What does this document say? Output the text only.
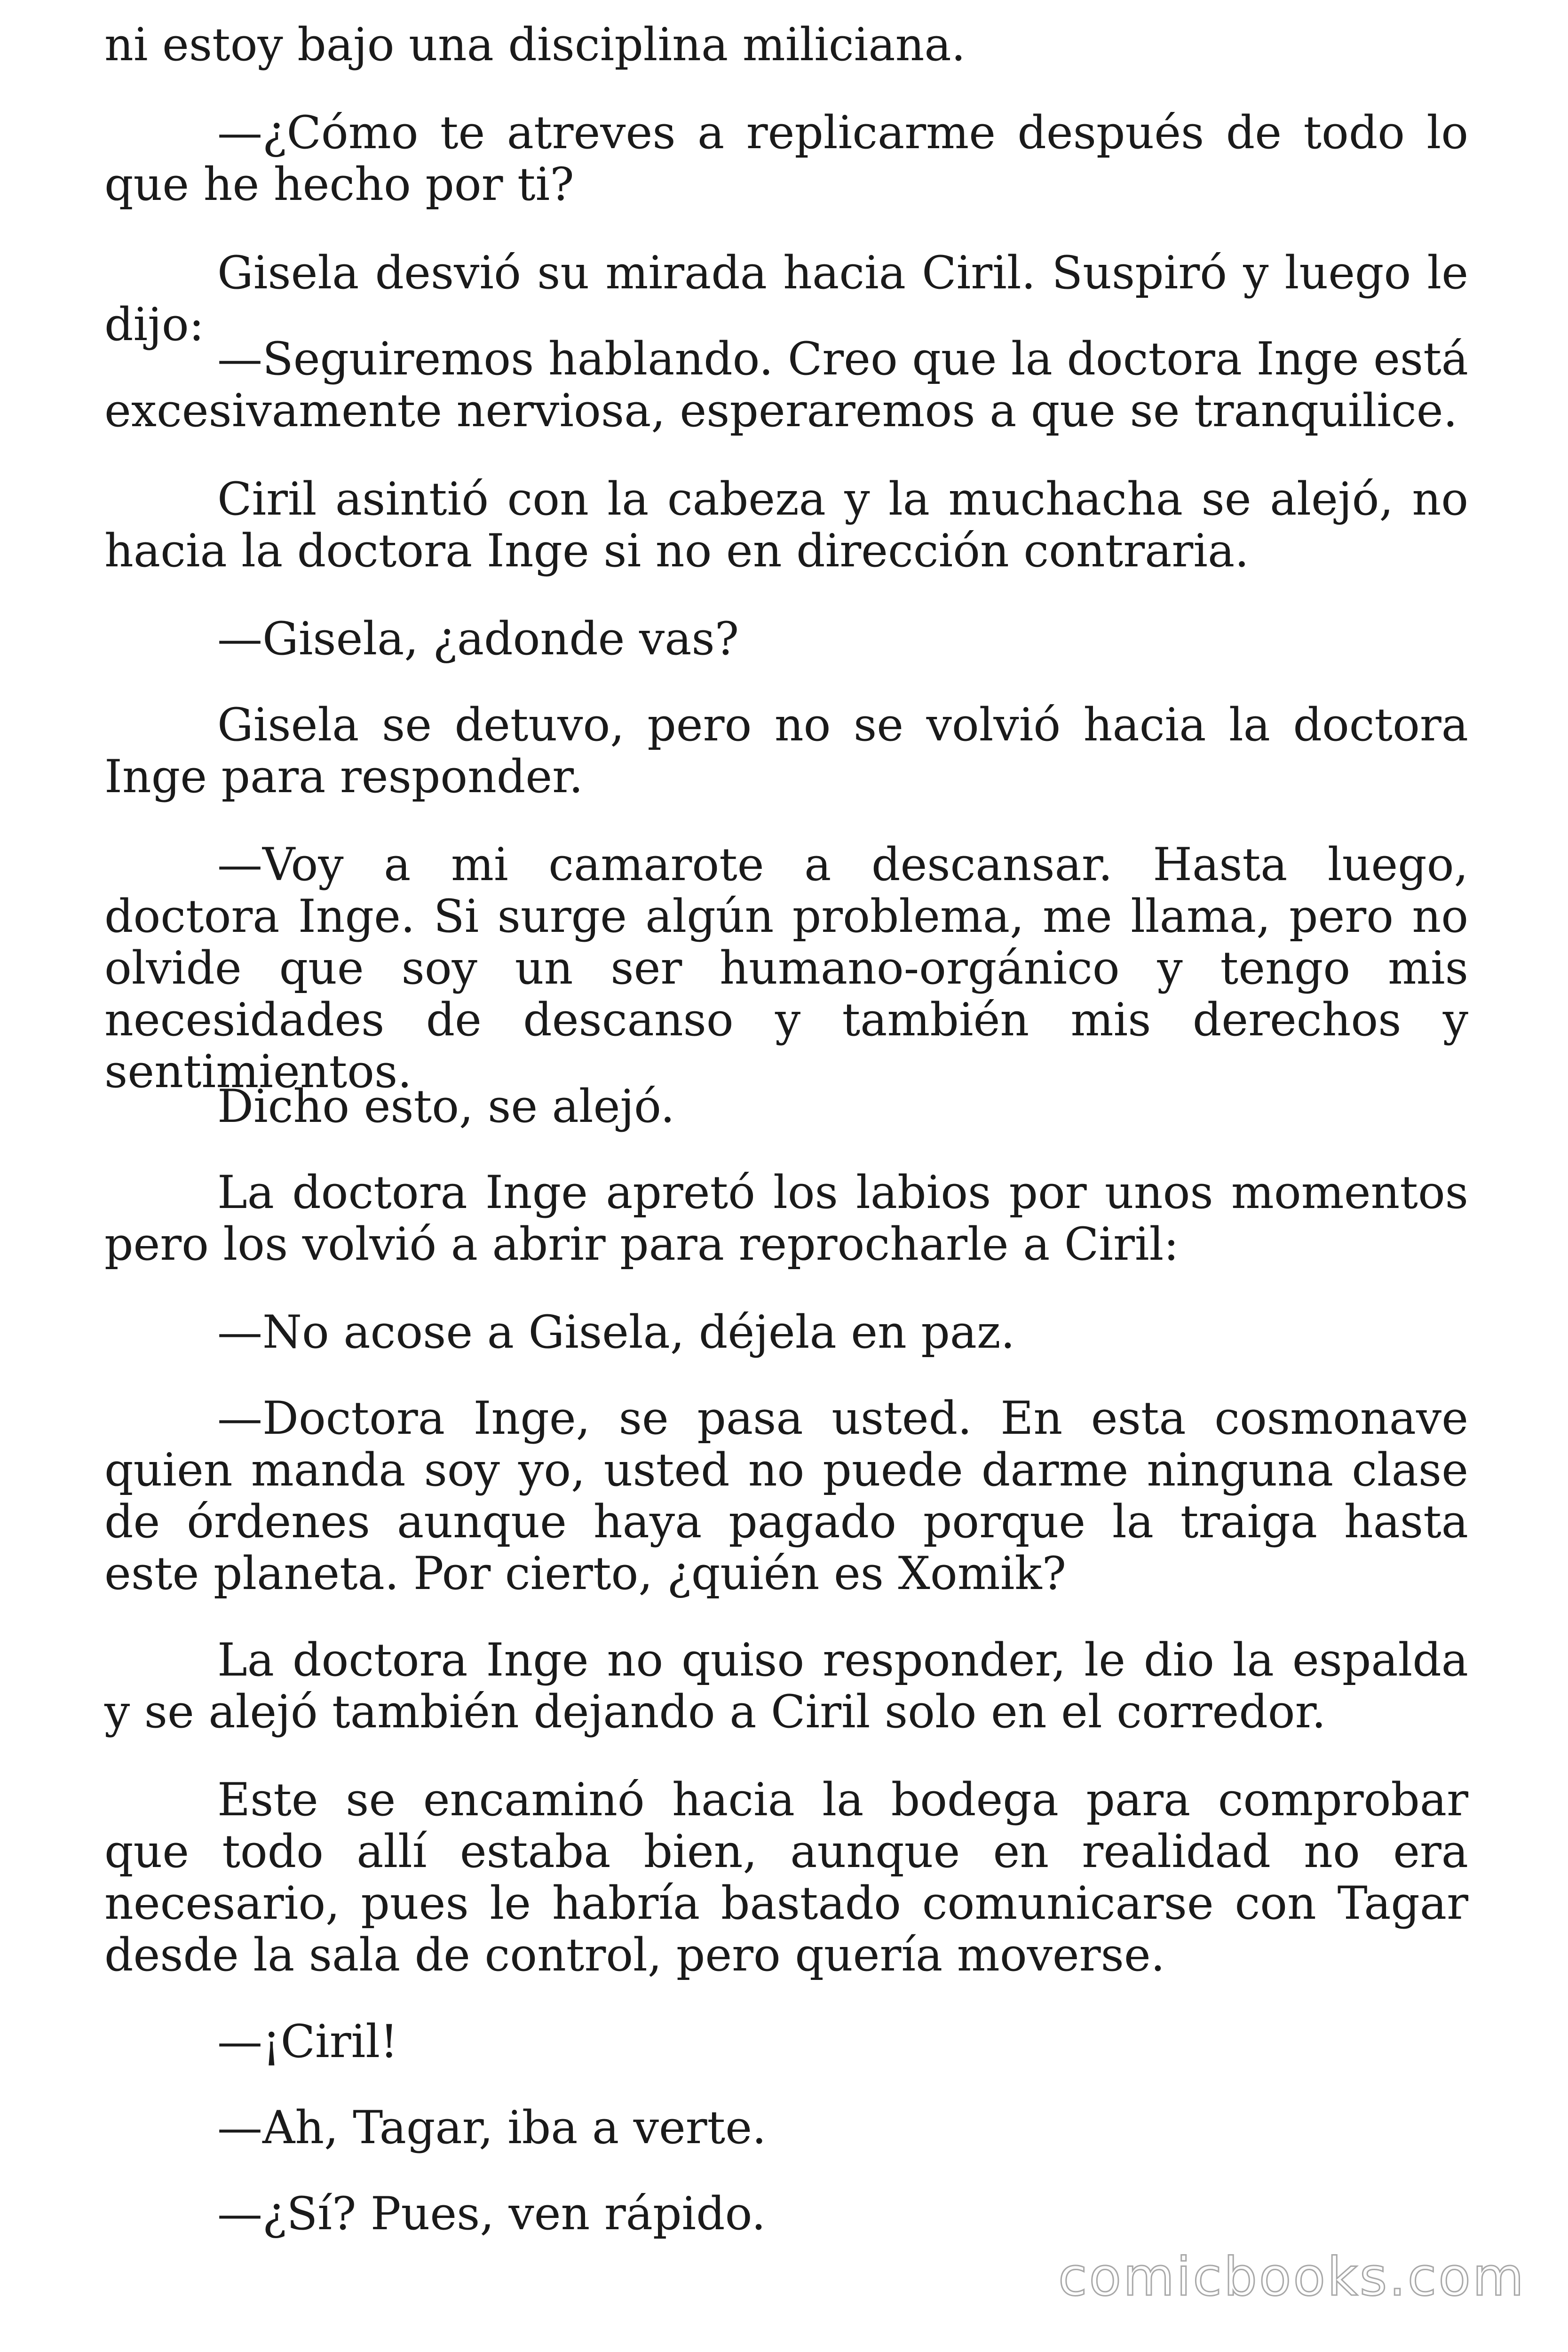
ni estoy bajo una disciplina miliciana.

—¿Cómo te atreves a replicarme después de todo lo que he hecho por ti?

Gisela desvió su mirada hacia Ciril. Suspiró y luego le dijo:

—Seguiremos hablando. Creo que la doctora Inge está excesivamente nerviosa, esperaremos a que se tranquilice.

Ciril asintió con la cabeza y la muchacha se alejó, no hacia la doctora Inge si no en dirección contraria.

—Gisela, ¿adonde vas?

Gisela se detuvo, pero no se volvió hacia la doctora Inge para responder.

—Voy a mi camarote a descansar. Hasta luego, doctora Inge. Si surge algún problema, me llama, pero no olvide que soy un ser humano-orgánico y tengo mis necesidades de descanso y también mis derechos y sentimientos.

Dicho esto, se alejó.

La doctora Inge apretó los labios por unos momentos pero los volvió a abrir para reprocharle a Ciril:

—No acose a Gisela, déjela en paz.

—Doctora Inge, se pasa usted. En esta cosmonave quien manda soy yo, usted no puede darme ninguna clase de órdenes aunque haya pagado porque la traiga hasta este planeta. Por cierto, ¿quién es Xomik?

La doctora Inge no quiso responder, le dio la espalda y se alejó también dejando a Ciril solo en el corredor.

Este se encaminó hacia la bodega para comprobar que todo allí estaba bien, aunque en realidad no era necesario, pues le habría bastado comunicarse con Tagar desde la sala de control, pero quería moverse.

—¡Ciril!

—Ah, Tagar, iba a verte.

—¿Sí? Pues, ven rápido.

comicbooks.com
